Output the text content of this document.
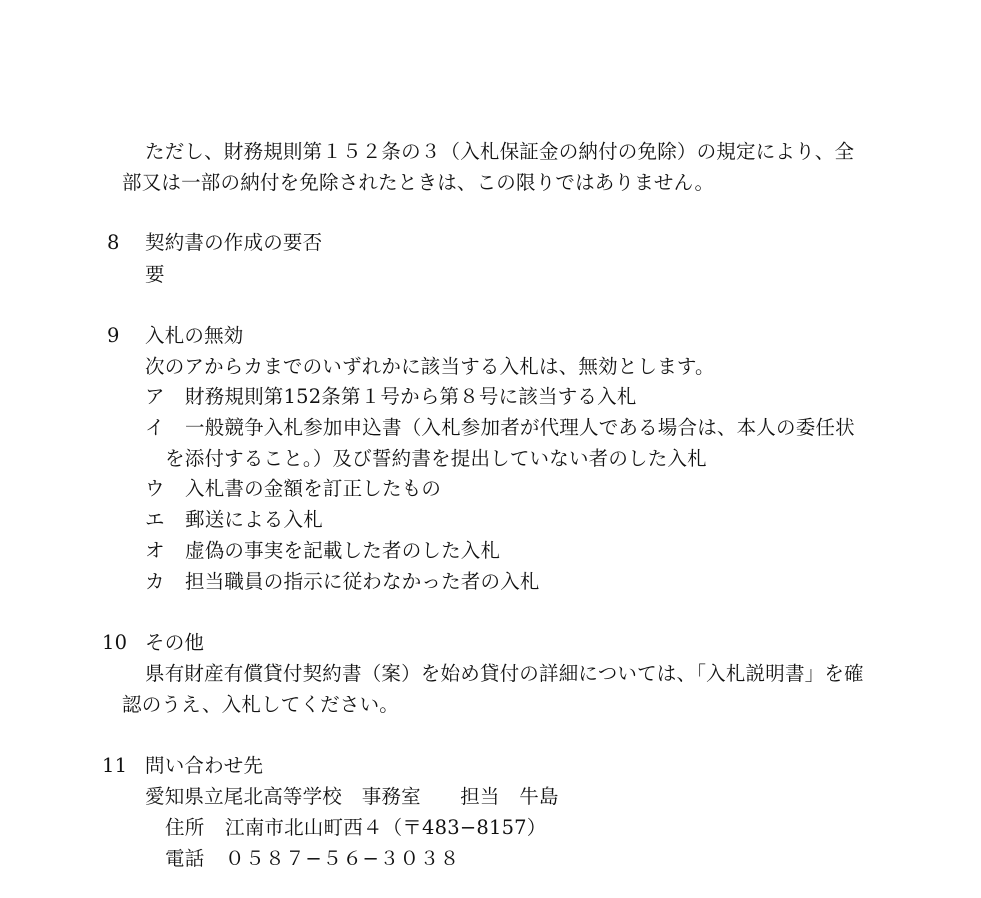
ただし、財務規則第１５２条の３（入札保証金の納付の免除）の規定により、全
部又は一部の納付を免除されたときは、この限りではありません。
8 契約書の作成の要否
要
9 入札の無効
次のアからカまでのいずれかに該当する入札は、無効とします。
ア 財務規則第152条第１号から第８号に該当する入札
イ 一般競争入札参加申込書（入札参加者が代理人である場合は、本人の委任状
を添付すること。）及び誓約書を提出していない者のした入札
ウ 入札書の金額を訂正したもの
エ 郵送による入札
オ 虚偽の事実を記載した者のした入札
カ 担当職員の指示に従わなかった者の入札
10 その他
県有財産有償貸付契約書（案）を始め貸付の詳細については、「入札説明書」を確
認のうえ、入札してください。
11 問い合わせ先
愛知県立尾北高等学校　事務室　　担当　牛島
住所 江南市北山町西４（〒483−8157）
電話 ０５８７−５６−３０３８
